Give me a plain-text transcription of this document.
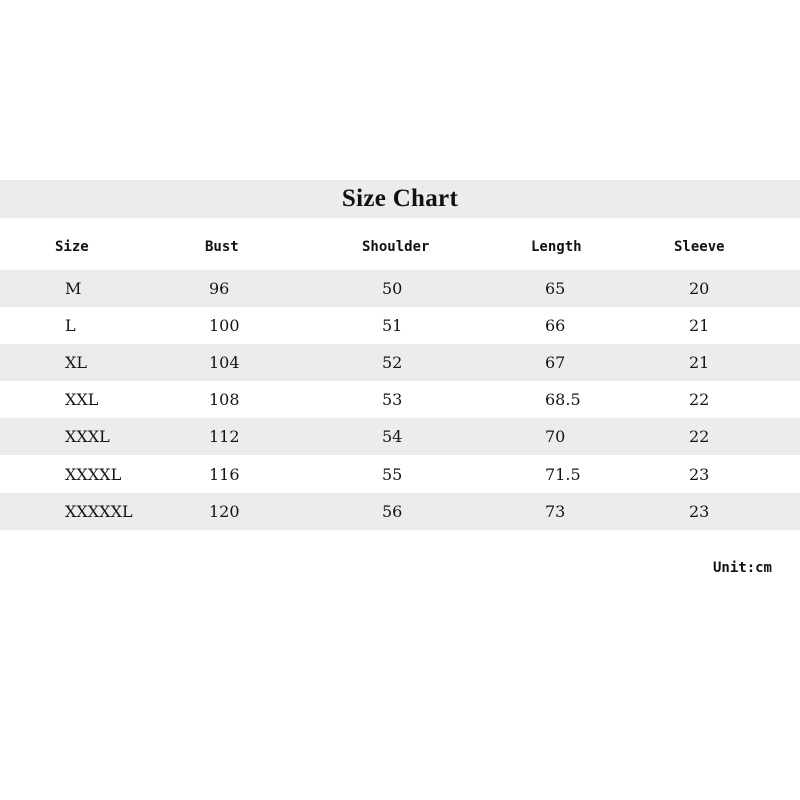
Size Chart
Size	Bust	Shoulder	Length	Sleeve
M	96	50	65	20
L	100	51	66	21
XL	104	52	67	21
XXL	108	53	68.5	22
XXXL	112	54	70	22
XXXXL	116	55	71.5	23
XXXXXL	120	56	73	23
Unit:cm
